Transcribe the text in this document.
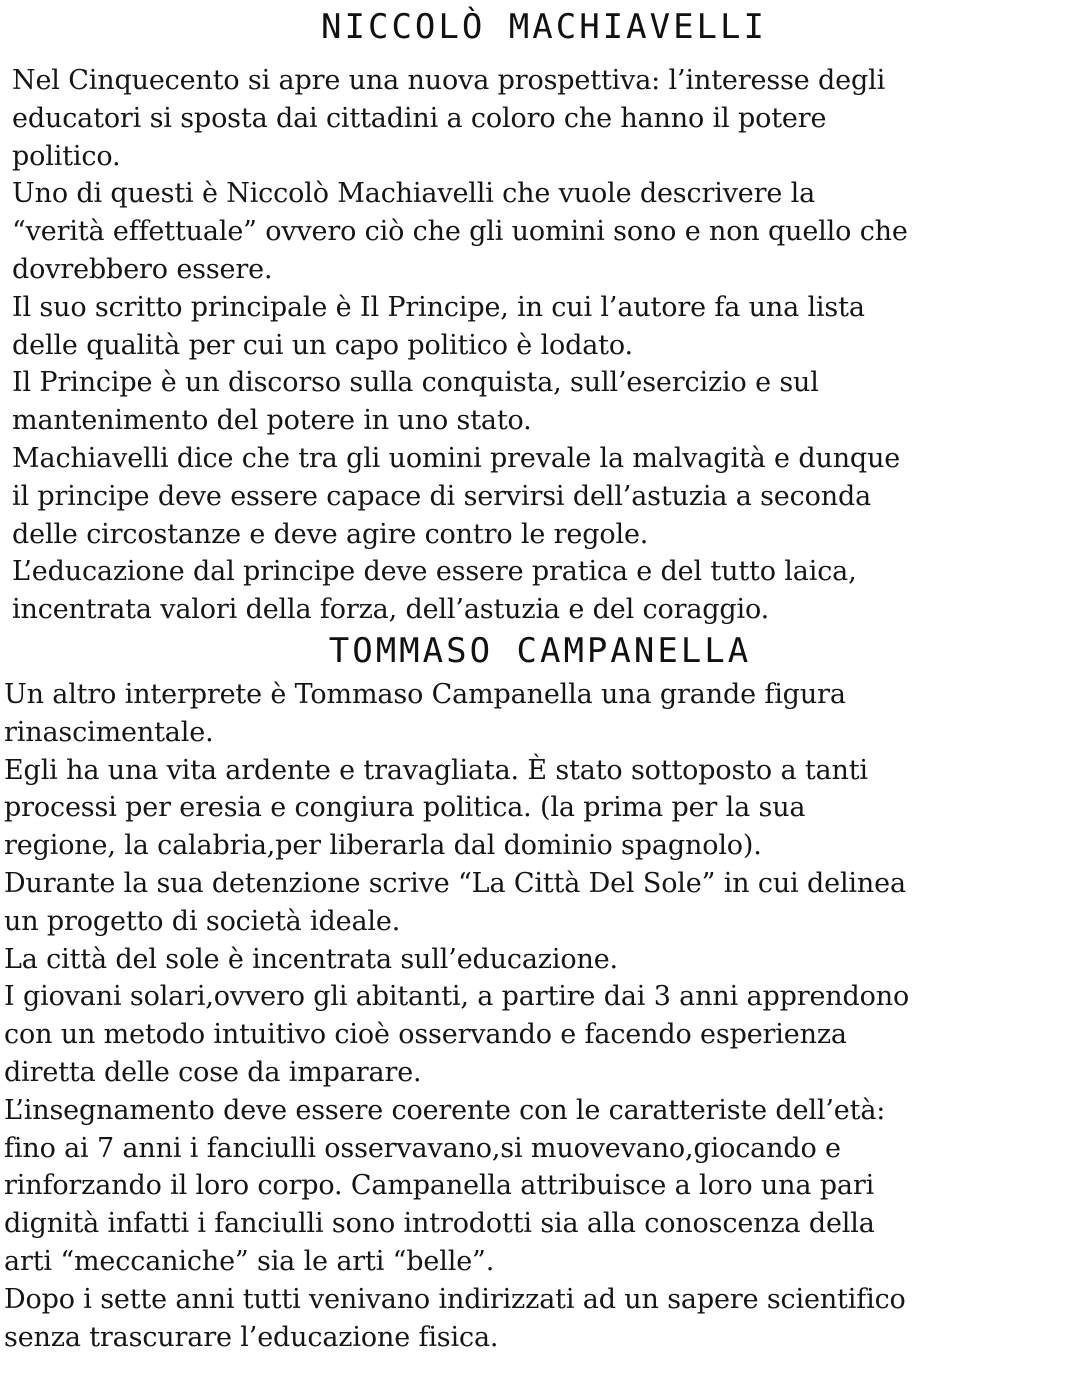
NICCOLÒ MACHIAVELLI
Nel Cinquecento si apre una nuova prospettiva: l’interesse degli
educatori si sposta dai cittadini a coloro che hanno il potere
politico.
Uno di questi è Niccolò Machiavelli che vuole descrivere la
“verità effettuale” ovvero ciò che gli uomini sono e non quello che
dovrebbero essere.
Il suo scritto principale è Il Principe, in cui l’autore fa una lista
delle qualità per cui un capo politico è lodato.
Il Principe è un discorso sulla conquista, sull’esercizio e sul
mantenimento del potere in uno stato.
Machiavelli dice che tra gli uomini prevale la malvagità e dunque
il principe deve essere capace di servirsi dell’astuzia a seconda
delle circostanze e deve agire contro le regole.
L’educazione dal principe deve essere pratica e del tutto laica,
incentrata valori della forza, dell’astuzia e del coraggio.
TOMMASO CAMPANELLA
Un altro interprete è Tommaso Campanella una grande figura
rinascimentale.
Egli ha una vita ardente e travagliata. È stato sottoposto a tanti
processi per eresia e congiura politica. (la prima per la sua
regione, la calabria,per liberarla dal dominio spagnolo).
Durante la sua detenzione scrive “La Città Del Sole” in cui delinea
un progetto di società ideale.
La città del sole è incentrata sull’educazione.
I giovani solari,ovvero gli abitanti, a partire dai 3 anni apprendono
con un metodo intuitivo cioè osservando e facendo esperienza
diretta delle cose da imparare.
L’insegnamento deve essere coerente con le caratteriste dell’età:
fino ai 7 anni i fanciulli osservavano,si muovevano,giocando e
rinforzando il loro corpo. Campanella attribuisce a loro una pari
dignità infatti i fanciulli sono introdotti sia alla conoscenza della
arti “meccaniche” sia le arti “belle”.
Dopo i sette anni tutti venivano indirizzati ad un sapere scientifico
senza trascurare l’educazione fisica.
